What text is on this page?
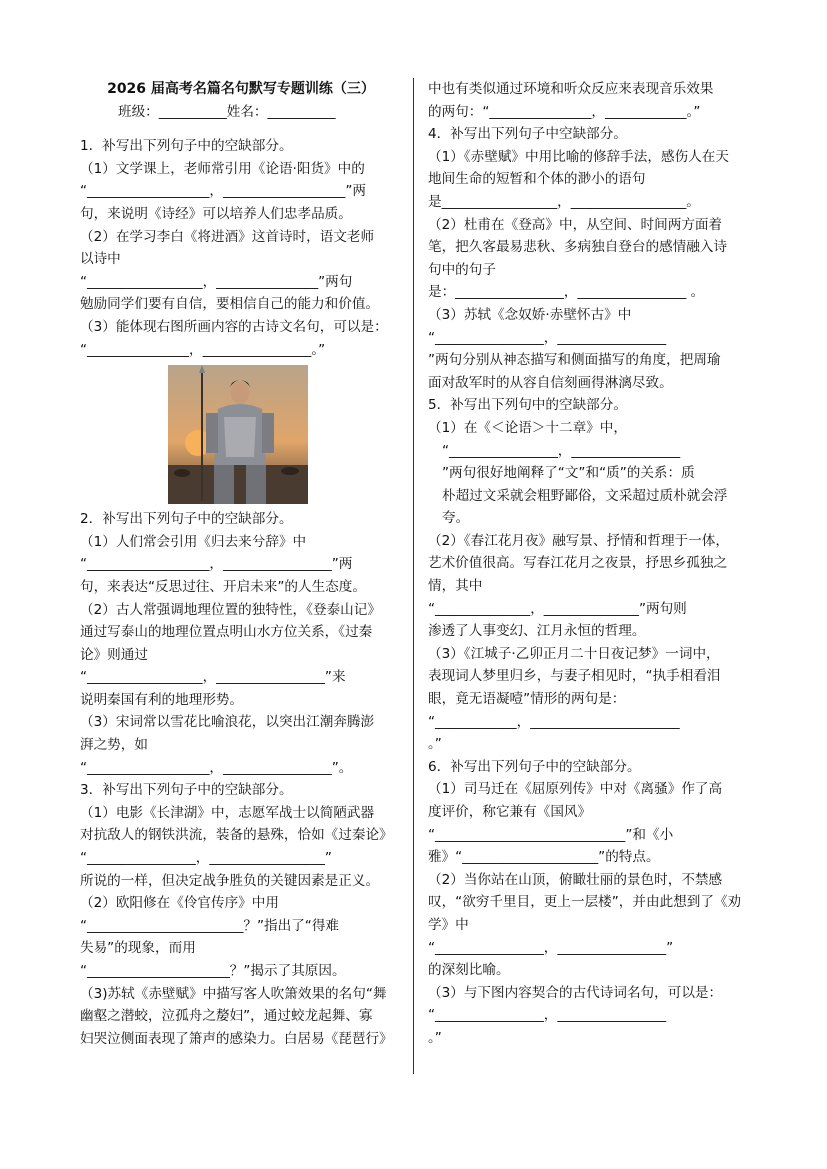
2026 届高考名篇名句默写专题训练（三）
班级：__________姓名：__________
1．补写出下列句子中的空缺部分。
（1）文学课上，老师常引用《论语·阳货》中的
“__________________，__________________”两
句，来说明《诗经》可以培养人们忠孝品质。
（2）在学习李白《将进酒》这首诗时，语文老师
以诗中
“_________________，_______________”两句
勉励同学们要有自信，要相信自己的能力和价值。
（3）能体现右图所画内容的古诗文名句，可以是：
“_______________，________________。”
2．补写出下列句子中的空缺部分。
（1）人们常会引用《归去来兮辞》中
“__________________，________________”两
句，来表达“反思过往、开启未来”的人生态度。
（2）古人常强调地理位置的独特性，《登泰山记》
通过写泰山的地理位置点明山水方位关系，《过秦
论》则通过
“_________________，________________”来
说明秦国有利的地理形势。
（3）宋词常以雪花比喻浪花，以突出江潮奔腾澎
湃之势，如
“__________________，________________”。
3．补写出下列句子中的空缺部分。
（1）电影《长津湖》中，志愿军战士以简陋武器
对抗敌人的钢铁洪流，装备的悬殊，恰如《过秦论》
“________________，_________________”
所说的一样，但决定战争胜负的关键因素是正义。
（2）欧阳修在《伶官传序》中用
“_______________________？”指出了“得难
失易”的现象，而用
“_____________________？”揭示了其原因。
（3)苏轼《赤壁赋》中描写客人吹箫效果的名句“舞
幽壑之潜蛟，泣孤舟之嫠妇”，通过蛟龙起舞、寡
妇哭泣侧面表现了箫声的感染力。白居易《琵琶行》
中也有类似通过环境和听众反应来表现音乐效果
的两句：“_______________，____________。”
4．补写出下列句子中空缺部分。
（1）《赤壁赋》中用比喻的修辞手法，感伤人在天
地间生命的短暂和个体的渺小的语句
是_________________，_________________。
（2）杜甫在《登高》中，从空间、时间两方面着
笔，把久客最易悲秋、多病独自登台的感情融入诗
句中的句子
是：________________，________________ 。
（3）苏轼《念奴娇·赤壁怀古》中
“________________，________________
”两句分别从神态描写和侧面描写的角度，把周瑜
面对敌军时的从容自信刻画得淋漓尽致。
5．补写出下列句中的空缺部分。
（1）在《＜论语＞十二章》中，
“________________，________________
”两句很好地阐释了“文”和“质”的关系：质
朴超过文采就会粗野鄙俗，文采超过质朴就会浮
夸。
（2）《春江花月夜》融写景、抒情和哲理于一体，
艺术价值很高。写春江花月之夜景，抒思乡孤独之
情，其中
“______________，______________”两句则
渗透了人事变幻、江月永恒的哲理。
（3）《江城子·乙卯正月二十日夜记梦》一词中，
表现词人梦里归乡，与妻子相见时，“执手相看泪
眼，竟无语凝噎”情形的两句是：
“____________，______________________
。”
6．补写出下列句子中的空缺部分。
（1）司马迁在《屈原列传》中对《离骚》作了高
度评价，称它兼有《国风》
“____________________________”和《小
雅》“____________________”的特点。
（2）当你站在山顶，俯瞰壮丽的景色时，不禁感
叹，“欲穷千里目，更上一层楼”，并由此想到了《劝
学》中
“________________，________________”
的深刻比喻。
（3）与下图内容契合的古代诗词名句，可以是：
“________________，________________
。”
